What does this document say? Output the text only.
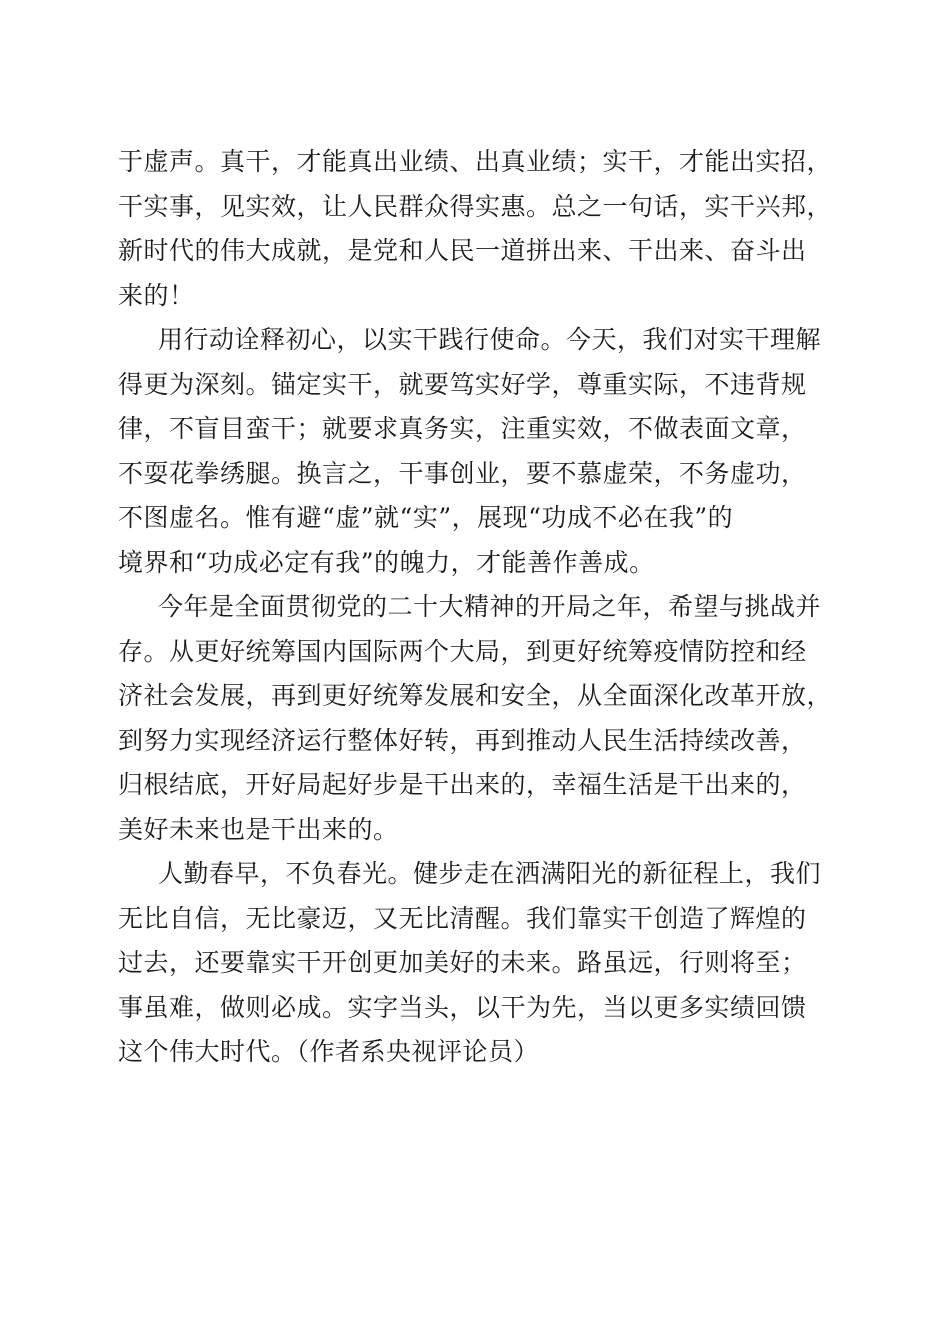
于虚声。真干，才能真出业绩、出真业绩；实干，才能出实招，
干实事，见实效，让人民群众得实惠。总之一句话，实干兴邦，
新时代的伟大成就，是党和人民一道拼出来、干出来、奋斗出
来的！
用行动诠释初心，以实干践行使命。今天，我们对实干理解
得更为深刻。锚定实干，就要笃实好学，尊重实际，不违背规
律，不盲目蛮干；就要求真务实，注重实效，不做表面文章，
不耍花拳绣腿。换言之，干事创业，要不慕虚荣，不务虚功，
不图虚名。惟有避“虚”就“实”，展现“功成不必在我”的
境界和“功成必定有我”的魄力，才能善作善成。
今年是全面贯彻党的二十大精神的开局之年，希望与挑战并
存。从更好统筹国内国际两个大局，到更好统筹疫情防控和经
济社会发展，再到更好统筹发展和安全，从全面深化改革开放，
到努力实现经济运行整体好转，再到推动人民生活持续改善，
归根结底，开好局起好步是干出来的，幸福生活是干出来的，
美好未来也是干出来的。
人勤春早，不负春光。健步走在洒满阳光的新征程上，我们
无比自信，无比豪迈，又无比清醒。我们靠实干创造了辉煌的
过去，还要靠实干开创更加美好的未来。路虽远，行则将至；
事虽难，做则必成。实字当头，以干为先，当以更多实绩回馈
这个伟大时代。（作者系央视评论员）
